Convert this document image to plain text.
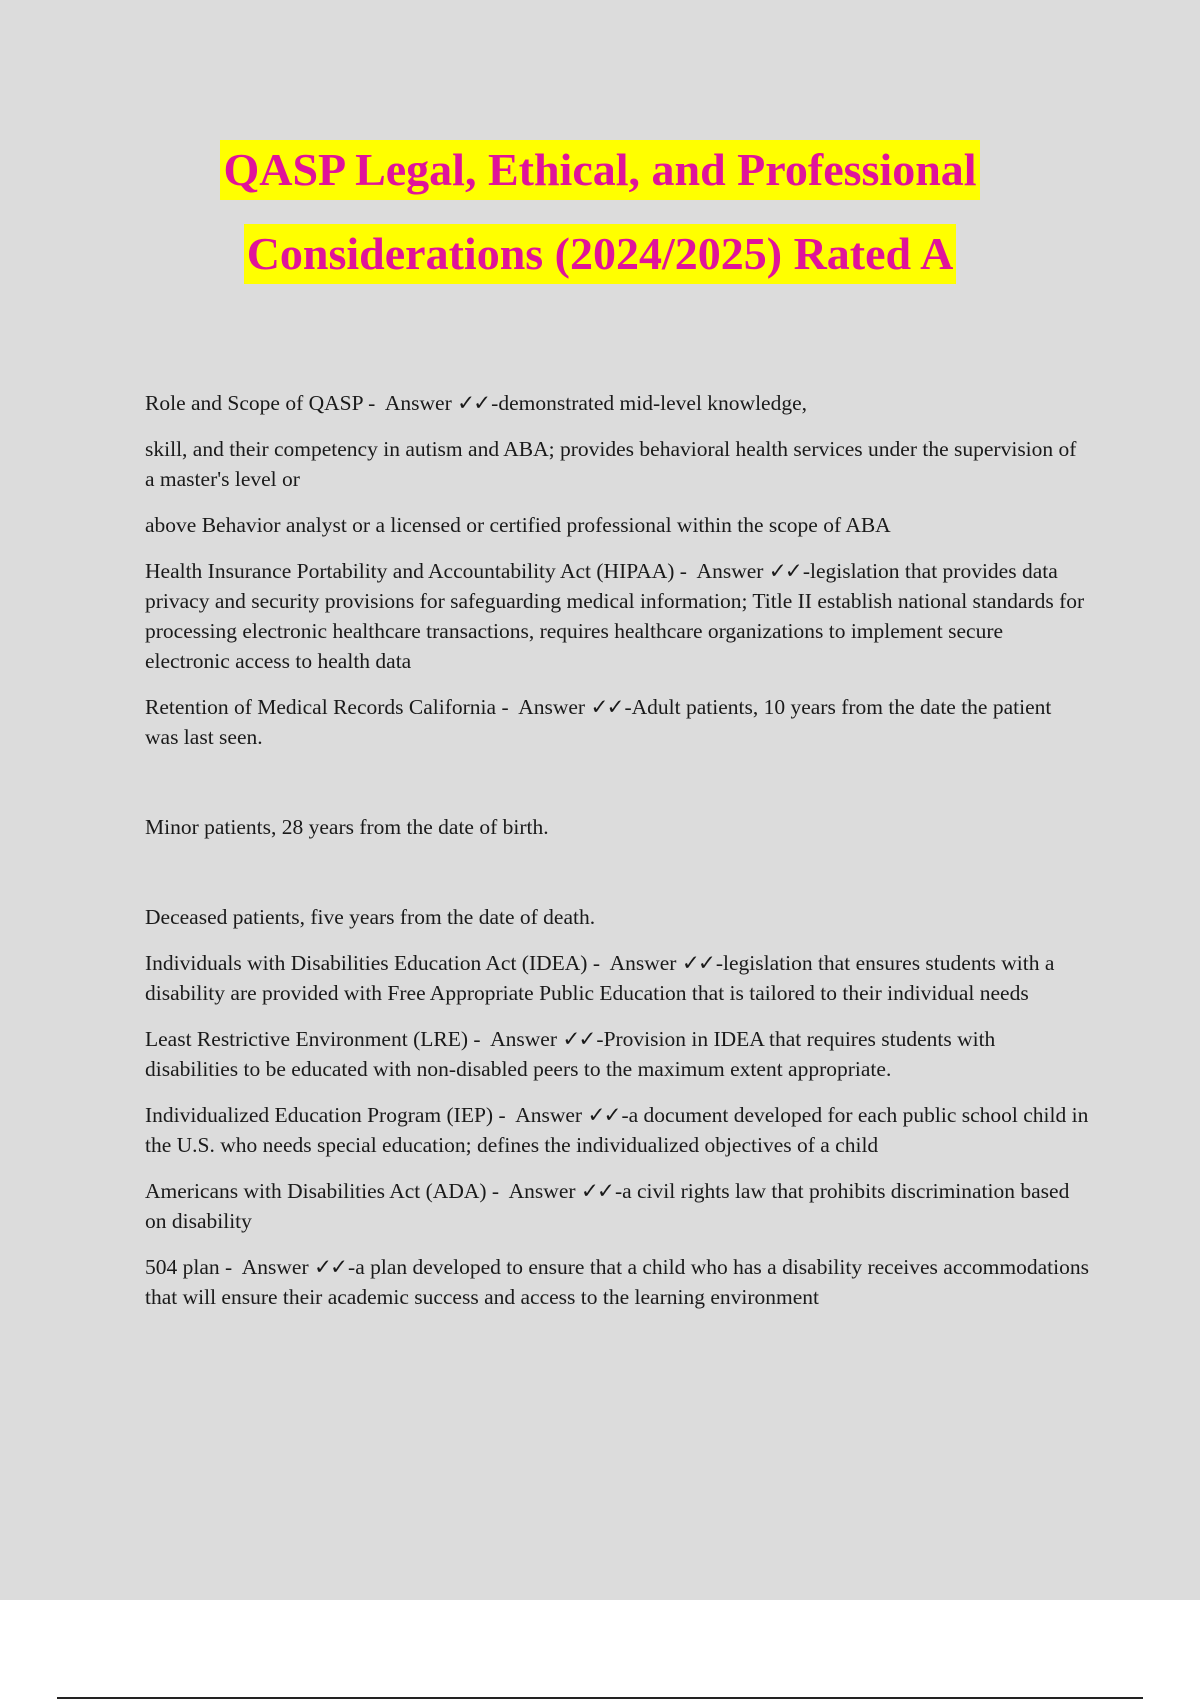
QASP Legal, Ethical, and Professional
Considerations (2024/2025) Rated A

Role and Scope of QASP - Answer ✓✓-demonstrated mid-level knowledge,

skill, and their competency in autism and ABA; provides behavioral health services under the supervision of a master's level or

above Behavior analyst or a licensed or certified professional within the scope of ABA

Health Insurance Portability and Accountability Act (HIPAA) - Answer ✓✓-legislation that provides data privacy and security provisions for safeguarding medical information; Title II establish national standards for processing electronic healthcare transactions, requires healthcare organizations to implement secure electronic access to health data

Retention of Medical Records California - Answer ✓✓-Adult patients, 10 years from the date the patient was last seen.

Minor patients, 28 years from the date of birth.

Deceased patients, five years from the date of death.

Individuals with Disabilities Education Act (IDEA) - Answer ✓✓-legislation that ensures students with a disability are provided with Free Appropriate Public Education that is tailored to their individual needs

Least Restrictive Environment (LRE) - Answer ✓✓-Provision in IDEA that requires students with disabilities to be educated with non-disabled peers to the maximum extent appropriate.

Individualized Education Program (IEP) - Answer ✓✓-a document developed for each public school child in the U.S. who needs special education; defines the individualized objectives of a child

Americans with Disabilities Act (ADA) - Answer ✓✓-a civil rights law that prohibits discrimination based on disability

504 plan - Answer ✓✓-a plan developed to ensure that a child who has a disability receives accommodations that will ensure their academic success and access to the learning environment
